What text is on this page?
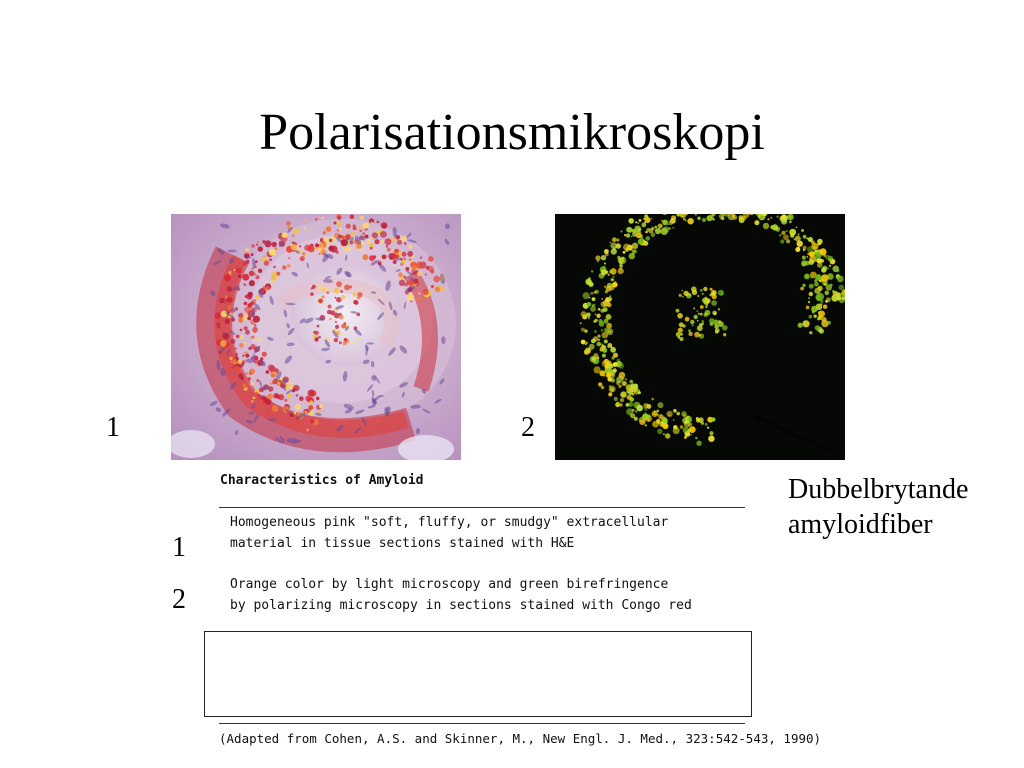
Polarisationsmikroskopi
1	2
Dubbelbrytande
amyloidfiber
1
2
Characteristics of Amyloid
Homogeneous pink "soft, fluffy, or smudgy" extracellular
material in tissue sections stained with H&E
Orange color by light microscopy and green birefringence
by polarizing microscopy in sections stained with Congo red
(Adapted from Cohen, A.S. and Skinner, M., New Engl. J. Med., 323:542-543, 1990)
